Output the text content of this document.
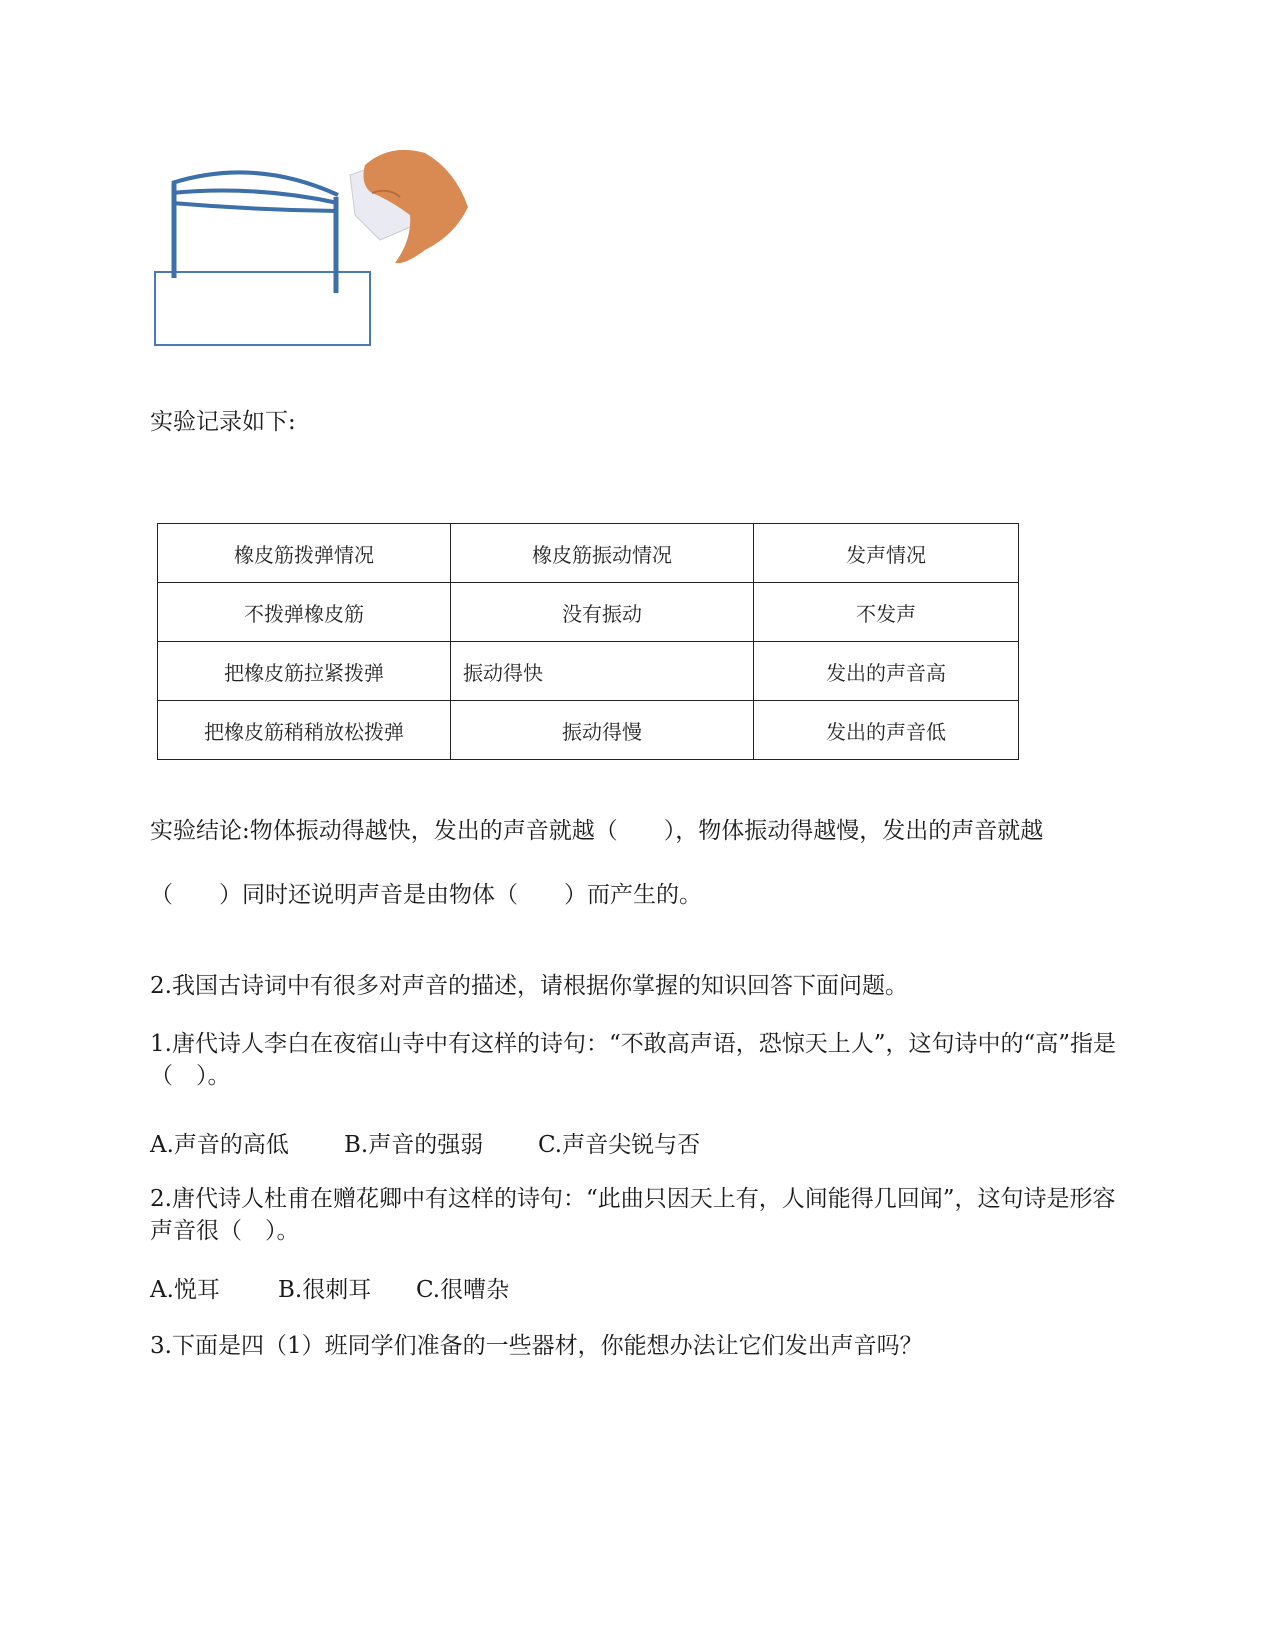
实验记录如下:
橡皮筋拨弹情况	橡皮筋振动情况	发声情况
不拨弹橡皮筋	没有振动	不发声
把橡皮筋拉紧拨弹	振动得快	发出的声音高
把橡皮筋稍稍放松拨弹	振动得慢	发出的声音低
实验结论:物体振动得越快，发出的声音就越（　　），物体振动得越慢，发出的声音就越
（　　）同时还说明声音是由物体（　　）而产生的。
2.我国古诗词中有很多对声音的描述，请根据你掌握的知识回答下面问题。
1.唐代诗人李白在夜宿山寺中有这样的诗句：“不敢高声语，恐惊天上人”，这句诗中的“高”指是（　）。
A.声音的高低 B.声音的强弱 C.声音尖锐与否
2.唐代诗人杜甫在赠花卿中有这样的诗句：“此曲只因天上有，人间能得几回闻”，这句诗是形容声音很（　）。
A.悦耳	B.很刺耳 C.很嘈杂
3.下面是四（1）班同学们准备的一些器材，你能想办法让它们发出声音吗？
